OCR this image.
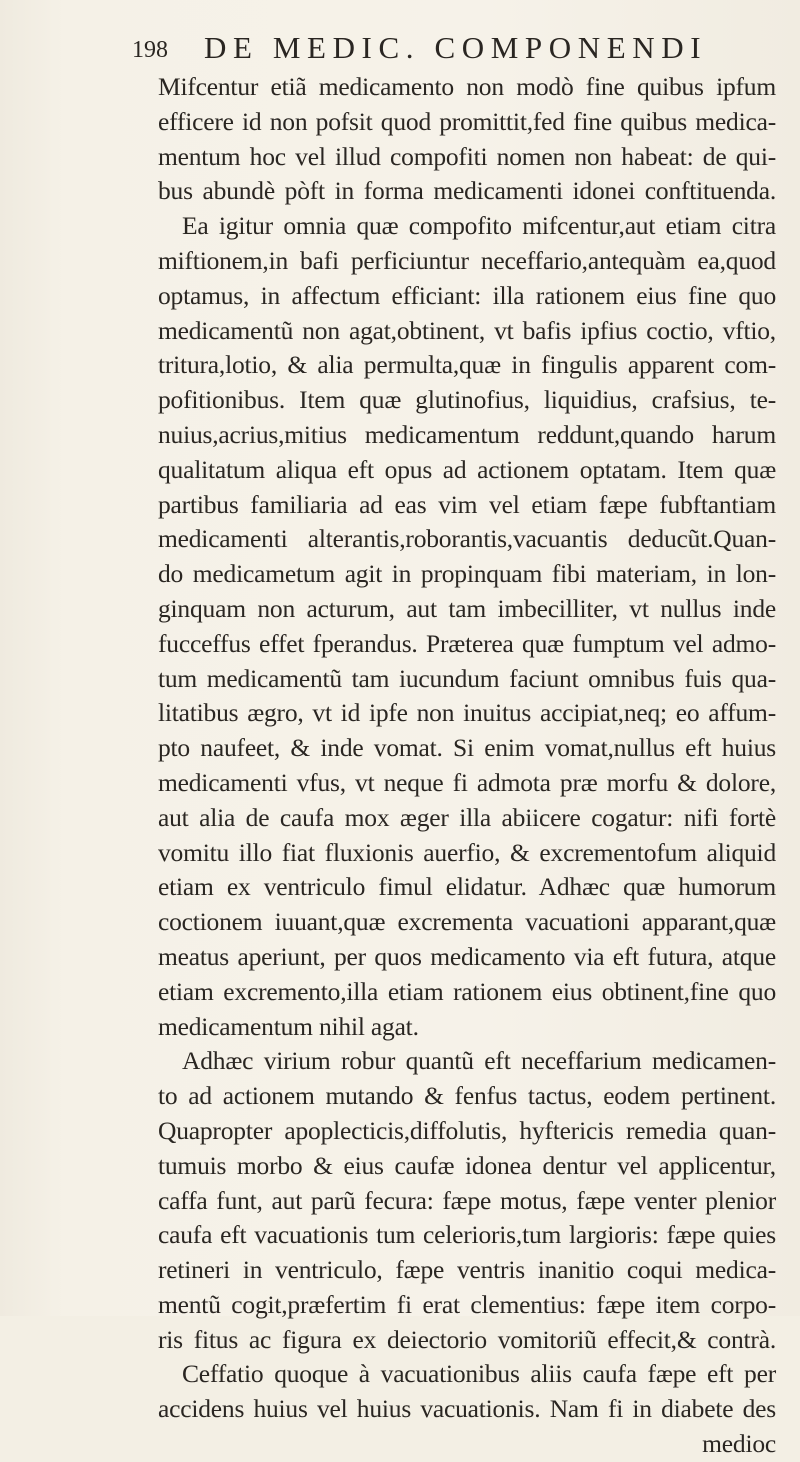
198 DE MEDIC. COMPONENDI
Mifcentur etiã medicamento non modò fine quibus ipfum
efficere id non pofsit quod promittit,fed fine quibus medica-
mentum hoc vel illud compofiti nomen non habeat: de qui-
bus abundè pòft in forma medicamenti idonei conftituenda.
Ea igitur omnia quæ compofito mifcentur,aut etiam citra
miftionem,in bafi perficiuntur neceffario,antequàm ea,quod
optamus, in affectum efficiant: illa rationem eius fine quo
medicamentũ non agat,obtinent, vt bafis ipfius coctio, vftio,
tritura,lotio, & alia permulta,quæ in fingulis apparent com-
pofitionibus. Item quæ glutinofius, liquidius, crafsius, te-
nuius,acrius,mitius medicamentum reddunt,quando harum
qualitatum aliqua eft opus ad actionem optatam. Item quæ
partibus familiaria ad eas vim vel etiam fæpe fubftantiam
medicamenti alterantis,roborantis,vacuantis deducũt.Quan-
do medicametum agit in propinquam fibi materiam, in lon-
ginquam non acturum, aut tam imbecilliter, vt nullus inde
fucceffus effet fperandus. Præterea quæ fumptum vel admo-
tum medicamentũ tam iucundum faciunt omnibus fuis qua-
litatibus ægro, vt id ipfe non inuitus accipiat,neq; eo affum-
pto naufeet, & inde vomat. Si enim vomat,nullus eft huius
medicamenti vfus, vt neque fi admota præ morfu & dolore,
aut alia de caufa mox æger illa abiicere cogatur: nifi fortè
vomitu illo fiat fluxionis auerfio, & excrementofum aliquid
etiam ex ventriculo fimul elidatur. Adhæc quæ humorum
coctionem iuuant,quæ excrementa vacuationi apparant,quæ
meatus aperiunt, per quos medicamento via eft futura, atque
etiam excremento,illa etiam rationem eius obtinent,fine quo
medicamentum nihil agat.
Adhæc virium robur quantũ eft neceffarium medicamen-
to ad actionem mutando & fenfus tactus, eodem pertinent.
Quapropter apoplecticis,diffolutis, hyftericis remedia quan-
tumuis morbo & eius caufæ idonea dentur vel applicentur,
caffa funt, aut parũ fecura: fæpe motus, fæpe venter plenior
caufa eft vacuationis tum celerioris,tum largioris: fæpe quies
retineri in ventriculo, fæpe ventris inanitio coqui medica-
mentũ cogit,præfertim fi erat clementius: fæpe item corpo-
ris fitus ac figura ex deiectorio vomitoriũ effecit,& contrà.
Ceffatio quoque à vacuationibus aliis caufa fæpe eft per
accidens huius vel huius vacuationis. Nam fi in diabete des
medioc
